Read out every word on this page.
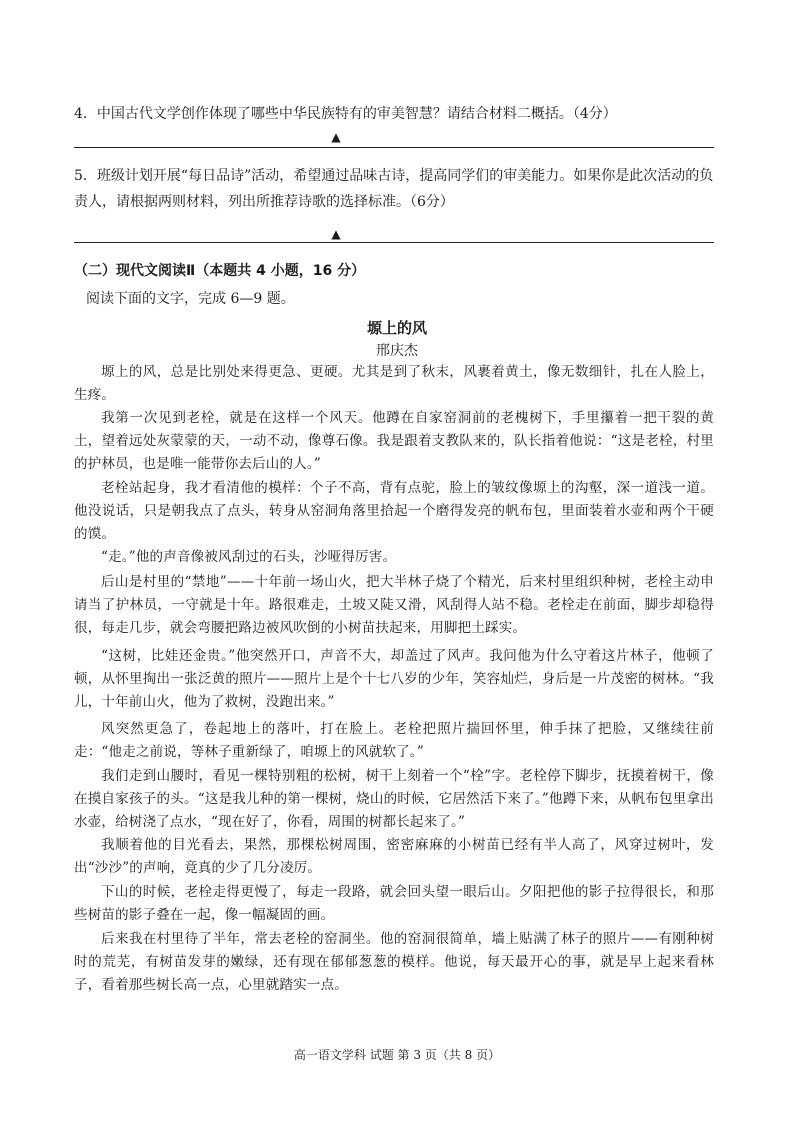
4．中国古代文学创作体现了哪些中华民族特有的审美智慧？请结合材料二概括。（4分）
▲
5．班级计划开展“每日品诗”活动，希望通过品味古诗，提高同学们的审美能力。如果你是此次活动的负责人，请根据两则材料，列出所推荐诗歌的选择标准。（6分）
▲
（二）现代文阅读Ⅱ（本题共 4 小题，16 分）
阅读下面的文字，完成 6—9 题。
塬上的风
邢庆杰
塬上的风，总是比别处来得更急、更硬。尤其是到了秋末，风裹着黄土，像无数细针，扎在人脸上，生疼。
我第一次见到老栓，就是在这样一个风天。他蹲在自家窑洞前的老槐树下，手里攥着一把干裂的黄土，望着远处灰蒙蒙的天，一动不动，像尊石像。我是跟着支教队来的，队长指着他说：“这是老栓，村里的护林员，也是唯一能带你去后山的人。”
老栓站起身，我才看清他的模样：个子不高，背有点驼，脸上的皱纹像塬上的沟壑，深一道浅一道。他没说话，只是朝我点了点头，转身从窑洞角落里拾起一个磨得发亮的帆布包，里面装着水壶和两个干硬的馍。
“走。”他的声音像被风刮过的石头，沙哑得厉害。
后山是村里的“禁地”——十年前一场山火，把大半林子烧了个精光，后来村里组织种树，老栓主动申请当了护林员，一守就是十年。路很难走，土坡又陡又滑，风刮得人站不稳。老栓走在前面，脚步却稳得很，每走几步，就会弯腰把路边被风吹倒的小树苗扶起来，用脚把土踩实。
“这树，比娃还金贵。”他突然开口，声音不大，却盖过了风声。我问他为什么守着这片林子，他顿了顿，从怀里掏出一张泛黄的照片——照片上是个十七八岁的少年，笑容灿烂，身后是一片茂密的树林。“我儿，十年前山火，他为了救树，没跑出来。”
风突然更急了，卷起地上的落叶，打在脸上。老栓把照片揣回怀里，伸手抹了把脸，又继续往前走：“他走之前说，等林子重新绿了，咱塬上的风就软了。”
我们走到山腰时，看见一棵特别粗的松树，树干上刻着一个“栓”字。老栓停下脚步，抚摸着树干，像在摸自家孩子的头。“这是我儿种的第一棵树，烧山的时候，它居然活下来了。”他蹲下来，从帆布包里拿出水壶，给树浇了点水，“现在好了，你看，周围的树都长起来了。”
我顺着他的目光看去，果然，那棵松树周围，密密麻麻的小树苗已经有半人高了，风穿过树叶，发出“沙沙”的声响，竟真的少了几分凌厉。
下山的时候，老栓走得更慢了，每走一段路，就会回头望一眼后山。夕阳把他的影子拉得很长，和那些树苗的影子叠在一起，像一幅凝固的画。
后来我在村里待了半年，常去老栓的窑洞坐。他的窑洞很简单，墙上贴满了林子的照片——有刚种树时的荒芜，有树苗发芽的嫩绿，还有现在郁郁葱葱的模样。他说，每天最开心的事，就是早上起来看林子，看着那些树长高一点，心里就踏实一点。
高一语文学科 试题 第 3 页（共 8 页）
